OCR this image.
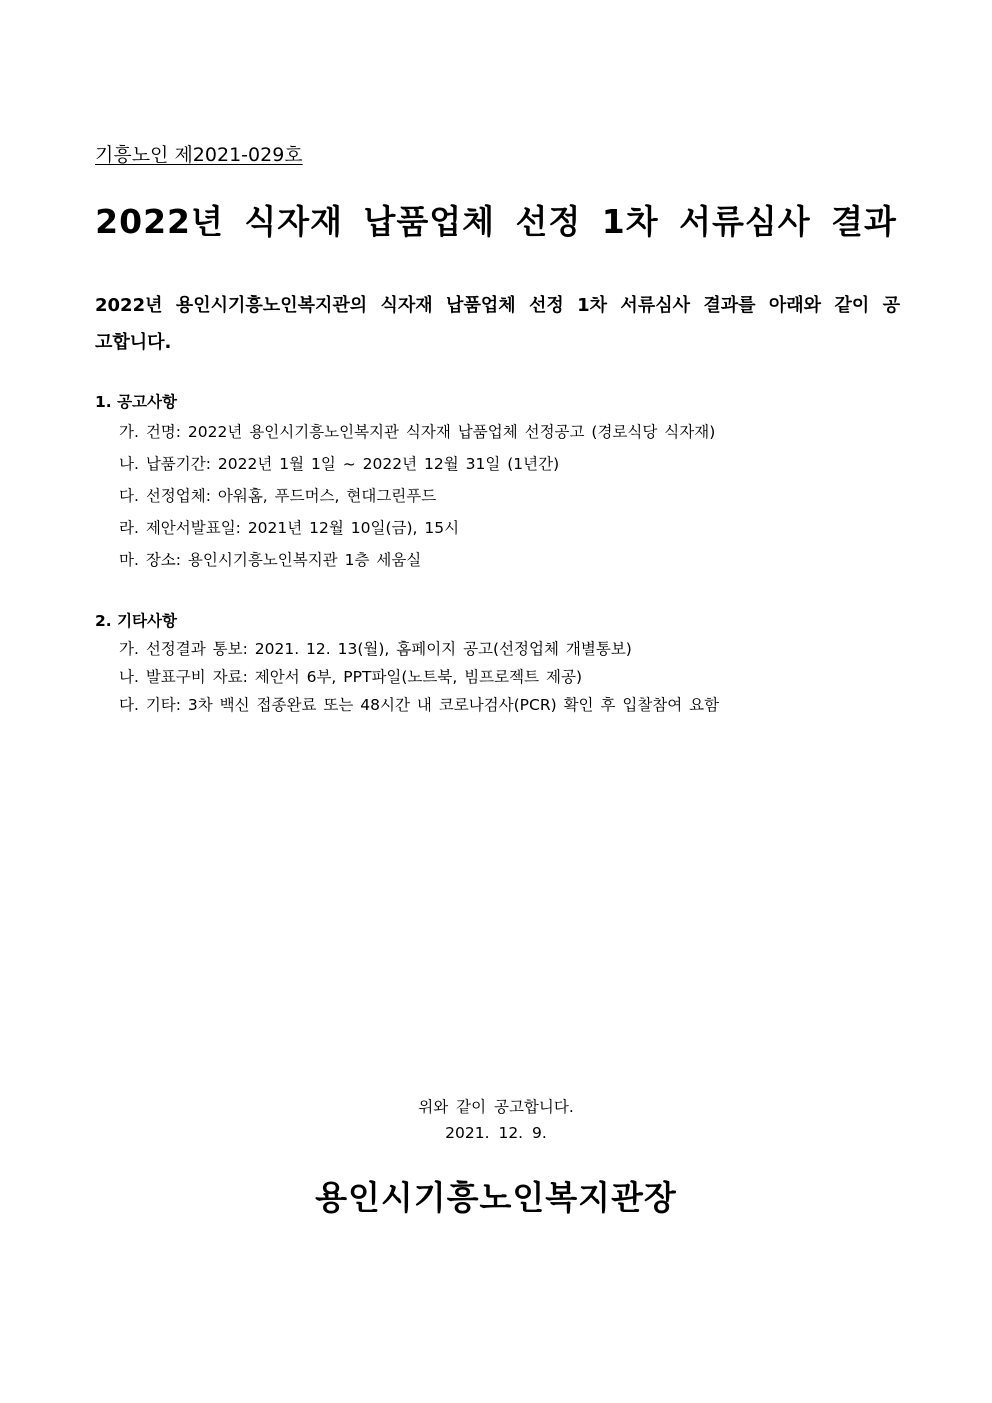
기흥노인 제2021-029호
2022년 식자재 납품업체 선정 1차 서류심사 결과
2022년 용인시기흥노인복지관의 식자재 납품업체 선정 1차 서류심사 결과를 아래와 같이 공고합니다.
1. 공고사항
가. 건명: 2022년 용인시기흥노인복지관 식자재 납품업체 선정공고 (경로식당 식자재)
나. 납품기간: 2022년 1월 1일 ~ 2022년 12월 31일 (1년간)
다. 선정업체: 아워홈, 푸드머스, 현대그린푸드
라. 제안서발표일: 2021년 12월 10일(금), 15시
마. 장소: 용인시기흥노인복지관 1층 세움실
2. 기타사항
가. 선정결과 통보: 2021. 12. 13(월), 홈페이지 공고(선정업체 개별통보)
나. 발표구비 자료: 제안서 6부, PPT파일(노트북, 빔프로젝트 제공)
다. 기타: 3차 백신 접종완료 또는 48시간 내 코로나검사(PCR) 확인 후 입찰참여 요함
위와 같이 공고합니다.
2021. 12. 9.
용인시기흥노인복지관장
